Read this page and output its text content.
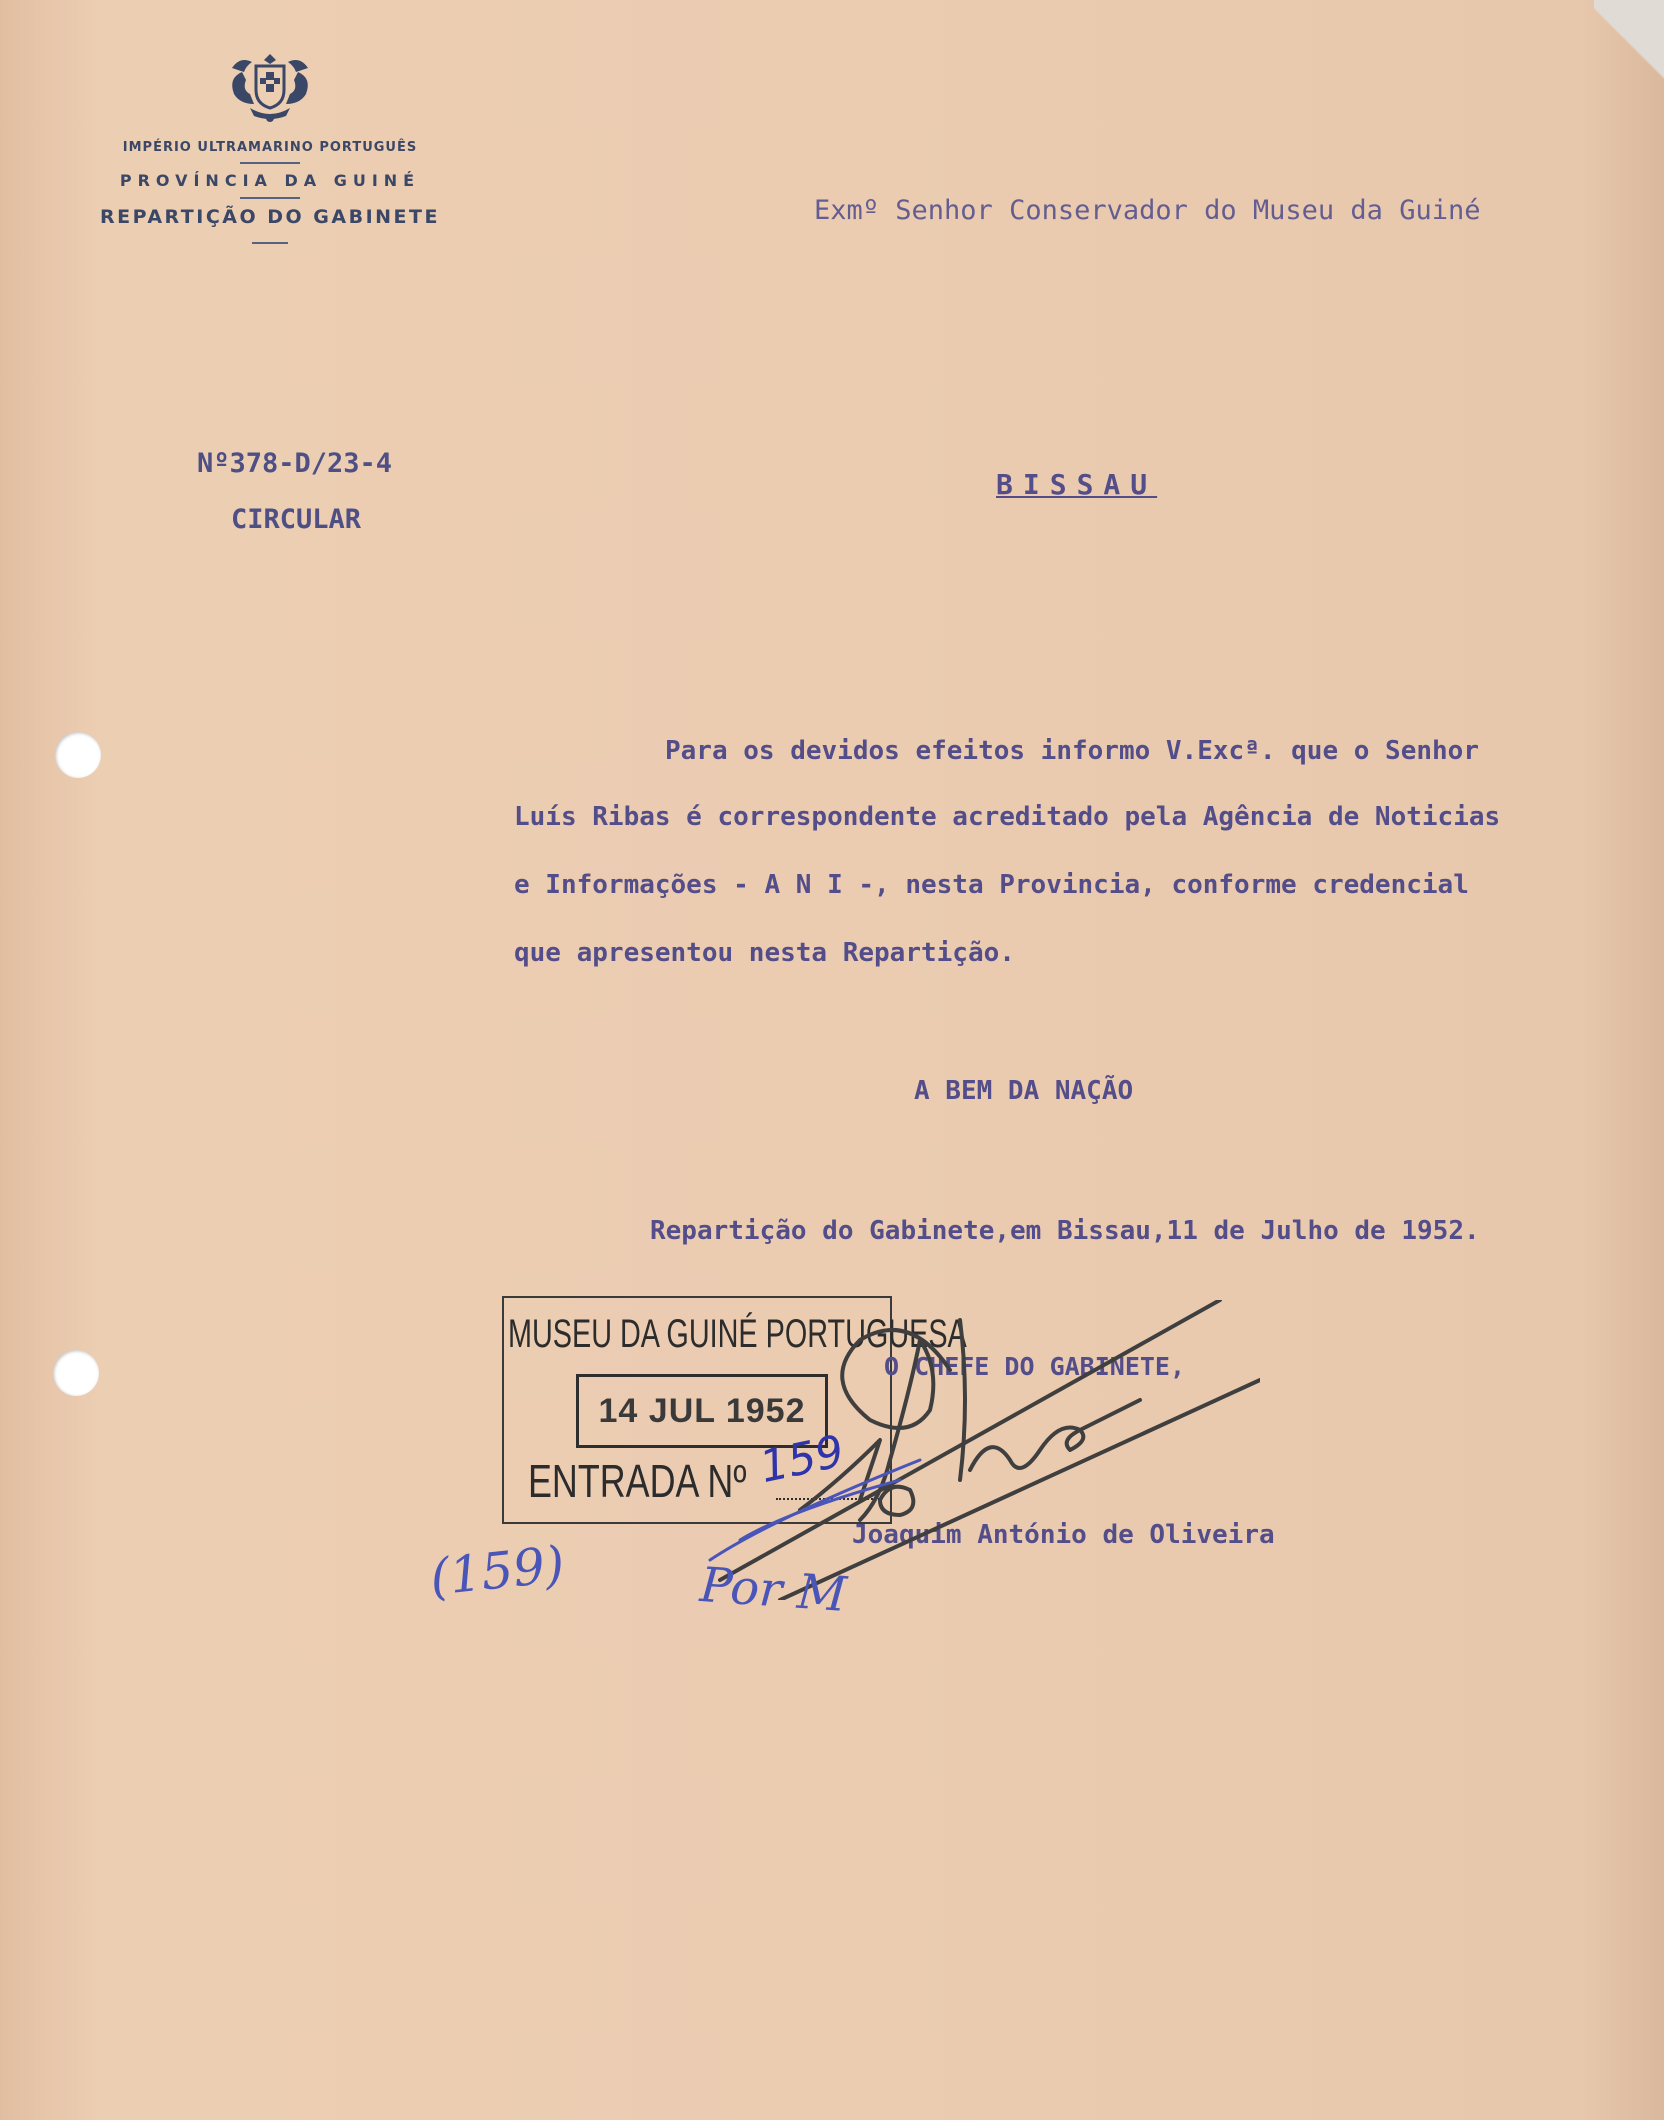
IMPÉRIO ULTRAMARINO PORTUGUÊS
PROVÍNCIA DA GUINÉ
REPARTIÇÃO DO GABINETE	Exmº Senhor Conservador do Museu da Guiné
Nº378-D/23-4
CIRCULAR
BISSAU
Para os devidos efeitos informo V.Excª. que o Senhor
Luís Ribas é correspondente acreditado pela Agência de Noticias
e Informações - A N I -, nesta Provincia, conforme credencial
que apresentou nesta Repartição.
A BEM DA NAÇÃO
Repartição do Gabinete,em Bissau,11 de Julho de 1952.
MUSEU DA GUINÉ PORTUGUESA
14 JUL 1952
ENTRADA Nº 159
O CHEFE DO GABINETE,
Joaquim António de Oliveira
(159)	Por M
